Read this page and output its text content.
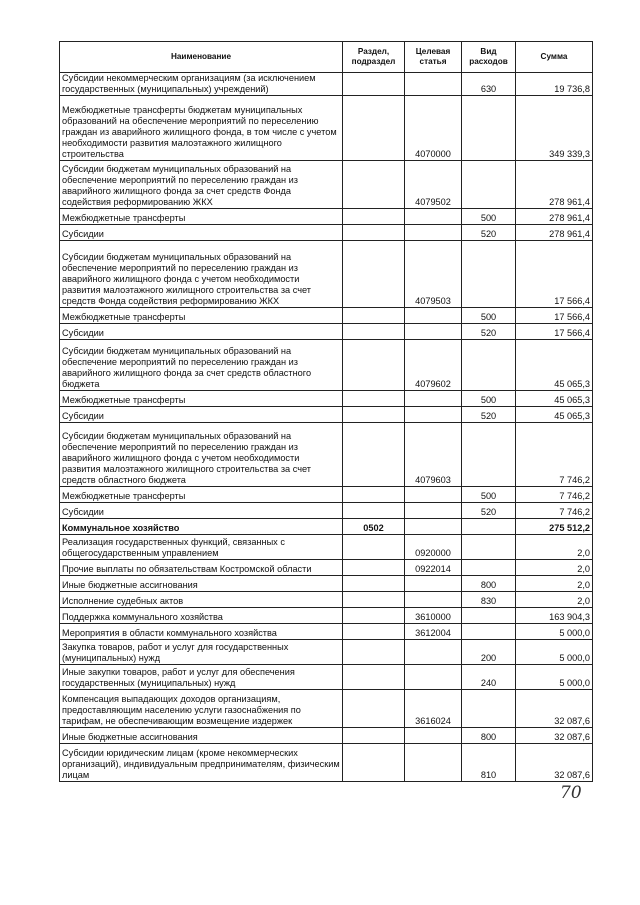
Наименование	Раздел, подраздел	Целевая статья	Вид расходов	Сумма
Субсидии некоммерческим организациям (за исключением государственных (муниципальных) учреждений)			630	19 736,8
Межбюджетные трансферты бюджетам муниципальных образований на обеспечение мероприятий по переселению граждан из аварийного жилищного фонда, в том числе с учетом необходимости развития малоэтажного жилищного строительства		4070000		349 339,3
Субсидии бюджетам муниципальных образований на обеспечение мероприятий по переселению граждан из аварийного жилищного фонда за счет средств Фонда содействия реформированию ЖКХ		4079502		278 961,4
Межбюджетные трансферты			500	278 961,4
Субсидии			520	278 961,4
Субсидии бюджетам муниципальных образований на обеспечение мероприятий по переселению граждан из аварийного жилищного фонда с учетом необходимости развития малоэтажного жилищного строительства за счет средств Фонда содействия реформированию ЖКХ		4079503		17 566,4
Межбюджетные трансферты			500	17 566,4
Субсидии			520	17 566,4
Субсидии бюджетам муниципальных образований на обеспечение мероприятий по переселению граждан из аварийного жилищного фонда за счет средств областного бюджета		4079602		45 065,3
Межбюджетные трансферты			500	45 065,3
Субсидии			520	45 065,3
Субсидии бюджетам муниципальных образований на обеспечение мероприятий по переселению граждан из аварийного жилищного фонда с учетом необходимости развития малоэтажного жилищного строительства за счет средств областного бюджета		4079603		7 746,2
Межбюджетные трансферты			500	7 746,2
Субсидии			520	7 746,2
Коммунальное хозяйство	0502			275 512,2
Реализация государственных функций, связанных с общегосударственным управлением		0920000		2,0
Прочие выплаты по обязательствам Костромской области		0922014		2,0
Иные бюджетные ассигнования			800	2,0
Исполнение судебных актов			830	2,0
Поддержка коммунального хозяйства		3610000		163 904,3
Мероприятия в области коммунального хозяйства		3612004		5 000,0
Закупка товаров, работ и услуг для государственных (муниципальных) нужд			200	5 000,0
Иные закупки товаров, работ и услуг для обеспечения государственных (муниципальных) нужд			240	5 000,0
Компенсация выпадающих доходов организациям, предоставляющим населению услуги газоснабжения по тарифам, не обеспечивающим возмещение издержек		3616024		32 087,6
Иные бюджетные ассигнования			800	32 087,6
Субсидии юридическим лицам (кроме некоммерческих организаций), индивидуальным предпринимателям, физическим лицам			810	32 087,6
70
